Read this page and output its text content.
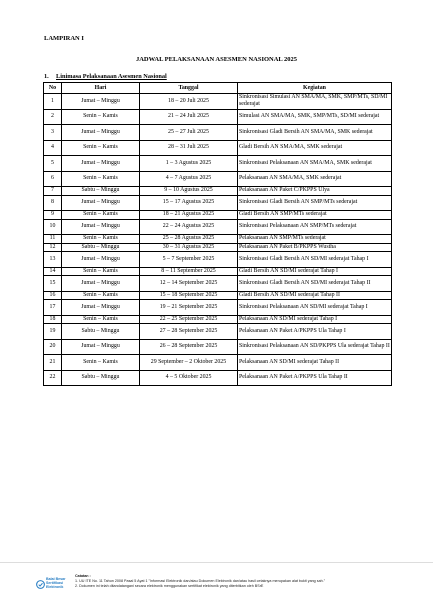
LAMPIRAN I
JADWAL PELAKSANAAN ASESMEN NASIONAL 2025
1. Linimasa Pelaksanaan Asesmen Nasional
No	Hari	Tanggal	Kegiatan
1	Jumat – Minggu	18 – 20 Juli 2025	Sinkronisasi Simulasi AN SMA/MA, SMK, SMP/MTs, SD/MI sederajat
2	Senin – Kamis	21 – 24 Juli 2025	Simulasi AN SMA/MA, SMK, SMP/MTs, SD/MI sederajat
3	Jumat – Minggu	25 – 27 Juli 2025	Sinkronisasi Gladi Bersih AN SMA/MA, SMK sederajat
4	Senin – Kamis	28 – 31 Juli 2025	Gladi Bersih AN SMA/MA, SMK sederajat
5	Jumat – Minggu	1 – 3 Agustus 2025	Sinkronisasi Pelaksanaan AN SMA/MA, SMK sederajat
6	Senin – Kamis	4 – 7 Agustus 2025	Pelaksanaan AN SMA/MA, SMK sederajat
7	Sabtu – Minggu	9 – 10 Agustus 2025	Pelaksanaan AN Paket C/PKPPS Ulya
8	Jumat – Minggu	15 – 17 Agustus 2025	Sinkronisasi Gladi Bersih AN SMP/MTs sederajat
9	Senin – Kamis	18 – 21 Agustus 2025	Gladi Bersih AN SMP/MTs sederajat
10	Jumat – Minggu	22 – 24 Agustus 2025	Sinkronisasi Pelaksanaan AN SMP/MTs sederajat
11	Senin – Kamis	25 – 28 Agustus 2025	Pelaksanaan AN SMP/MTs sederajat
12	Sabtu – Minggu	30 – 31 Agustus 2025	Pelaksanaan AN Paket B/PKPPS Wustha
13	Jumat – Minggu	5 – 7 September 2025	Sinkronisasi Gladi Bersih AN SD/MI sederajat Tahap I
14	Senin – Kamis	8 – 11 September 2025	Gladi Bersih AN SD/MI sederajat Tahap I
15	Jumat – Minggu	12 – 14 September 2025	Sinkronisasi Gladi Bersih AN SD/MI sederajat Tahap II
16	Senin – Kamis	15 – 18 September 2025	Gladi Bersih AN SD/MI sederajat Tahap II
17	Jumat – Minggu	19 – 21 September 2025	Sinkronisasi Pelaksanaan AN SD/MI sederajat Tahap I
18	Senin – Kamis	22 – 25 September 2025	Pelaksanaan AN SD/MI sederajat Tahap I
19	Sabtu – Minggu	27 – 28 September 2025	Pelaksanaan AN Paket A/PKPPS Ula Tahap I
20	Jumat – Minggu	26 – 28 September 2025	Sinkronisasi Pelaksanaan AN SD/PKPPS Ula sederajat Tahap II
21	Senin – Kamis	29 September – 2 Oktober 2025	Pelaksanaan AN SD/MI sederajat Tahap II
22	Sabtu – Minggu	4 – 5 Oktober 2025	Pelaksanaan AN Paket A/PKPPS Ula Tahap II
Balai Besar
Sertifikasi
Elektronik
Catatan :
1. UU ITE No. 11 Tahun 2008 Pasal 5 Ayat 1 "Informasi Elektronik dan/atau Dokumen Elektronik dan/atau hasil cetaknya merupakan alat bukti yang sah."
2. Dokumen ini telah ditandatangani secara elektronik menggunakan sertifikat elektronik yang diterbitkan oleh BSrE
